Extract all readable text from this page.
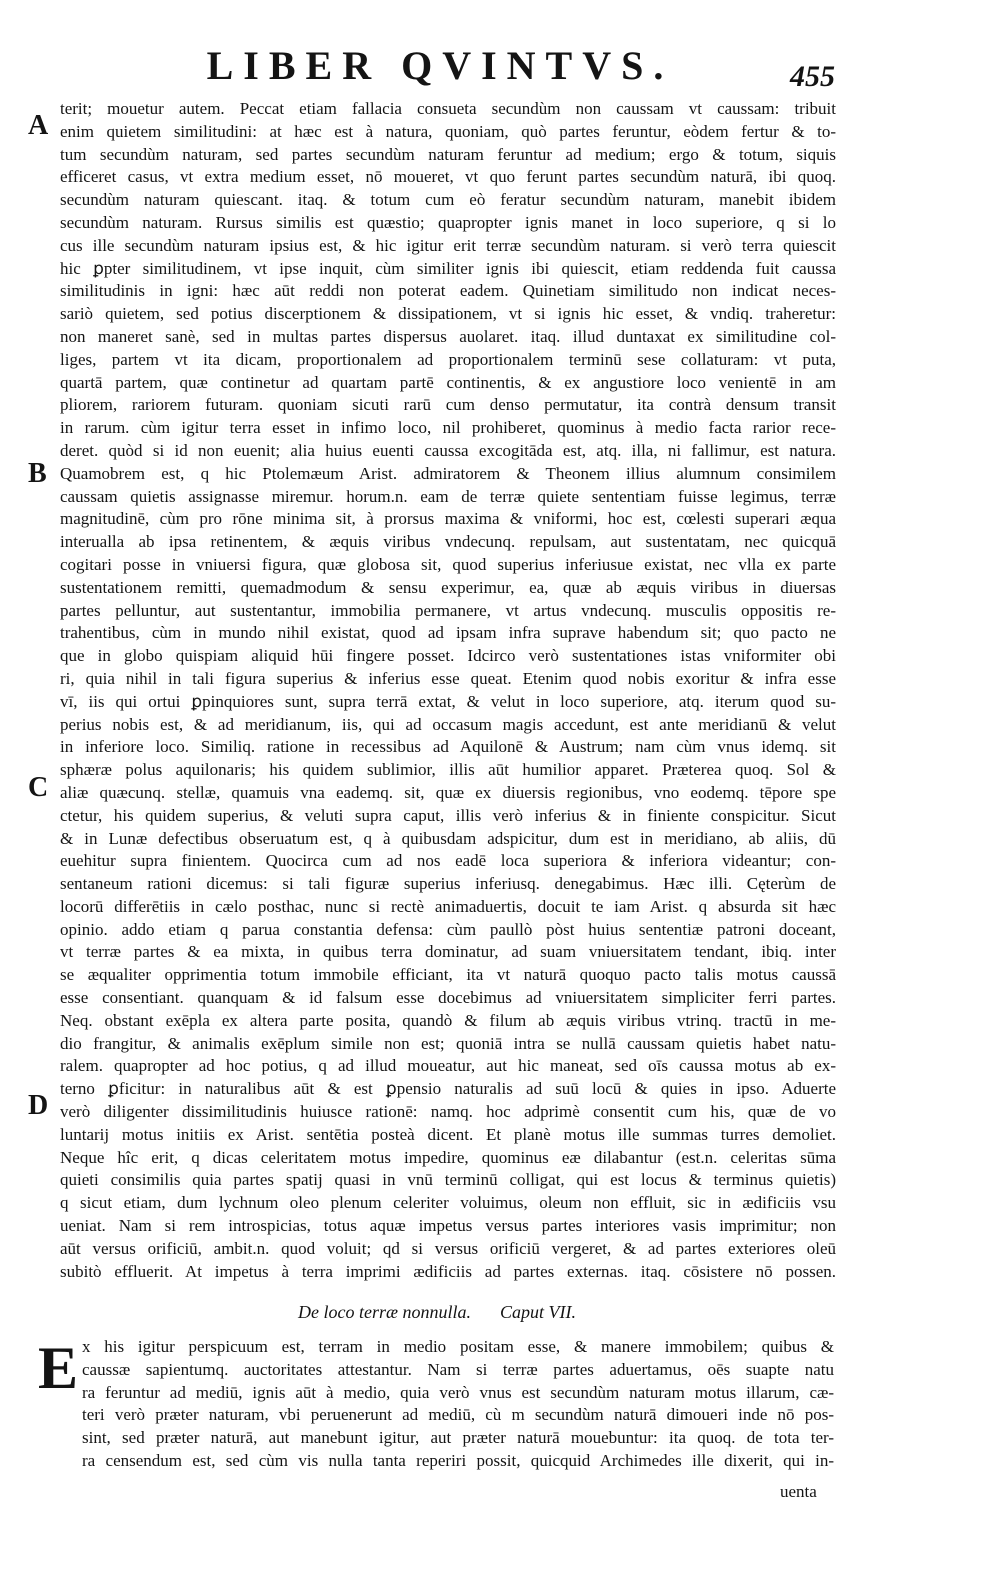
LIBER QVINTVS.	455
A
B
C
D
terit; mouetur autem. Peccat etiam fallacia consueta secundùm non caussam vt caussam: tribuit
enim quietem similitudini: at hæc est à natura, quoniam, quò partes feruntur, eòdem fertur & to-
tum secundùm naturam, sed partes secundùm naturam feruntur ad medium; ergo & totum, siquis
efficeret casus, vt extra medium esset, nō moueret, vt quo ferunt partes secundùm naturā, ibi quoq.
secundùm naturam quiescant. itaq. & totum cum eò feratur secundùm naturam, manebit ibidem
secundùm naturam. Rursus similis est quæstio; quapropter ignis manet in loco superiore, q si lo
cus ille secundùm naturam ipsius est, & hic igitur erit terræ secundùm naturam. si verò terra quiescit
hic ꝑpter similitudinem, vt ipse inquit, cùm similiter ignis ibi quiescit, etiam reddenda fuit caussa
similitudinis in igni: hæc aūt reddi non poterat eadem. Quinetiam similitudo non indicat neces-
sariò quietem, sed potius discerptionem & dissipationem, vt si ignis hic esset, & vndiq. traheretur:
non maneret sanè, sed in multas partes dispersus auolaret. itaq. illud duntaxat ex similitudine col-
liges, partem vt ita dicam, proportionalem ad proportionalem terminū sese collaturam: vt puta,
quartā partem, quæ continetur ad quartam partē continentis, & ex angustiore loco venientē in am
pliorem, rariorem futuram. quoniam sicuti rarū cum denso permutatur, ita contrà densum transit
in rarum. cùm igitur terra esset in infimo loco, nil prohiberet, quominus à medio facta rarior rece-
deret. quòd si id non euenit; alia huius euenti caussa excogitāda est, atq. illa, ni fallimur, est natura.
Quamobrem est, q hic Ptolemæum Arist. admiratorem & Theonem illius alumnum consimilem
caussam quietis assignasse miremur. horum.n. eam de terræ quiete sententiam fuisse legimus, terræ
magnitudinē, cùm pro rōne minima sit, à prorsus maxima & vniformi, hoc est, cœlesti superari æqua
interualla ab ipsa retinentem, & æquis viribus vndecunq. repulsam, aut sustentatam, nec quicquā
cogitari posse in vniuersi figura, quæ globosa sit, quod superius inferiusue existat, nec vlla ex parte
sustentationem remitti, quemadmodum & sensu experimur, ea, quæ ab æquis viribus in diuersas
partes pelluntur, aut sustentantur, immobilia permanere, vt artus vndecunq. musculis oppositis re-
trahentibus, cùm in mundo nihil existat, quod ad ipsam infra suprave habendum sit; quo pacto ne
que in globo quispiam aliquid hūi fingere posset. Idcirco verò sustentationes istas vniformiter obi
ri, quia nihil in tali figura superius & inferius esse queat. Etenim quod nobis exoritur & infra esse
vī, iis qui ortui ꝑpinquiores sunt, supra terrā extat, & velut in loco superiore, atq. iterum quod su-
perius nobis est, & ad meridianum, iis, qui ad occasum magis accedunt, est ante meridianū & velut
in inferiore loco. Similiq. ratione in recessibus ad Aquilonē & Austrum; nam cùm vnus idemq. sit
sphæræ polus aquilonaris; his quidem sublimior, illis aūt humilior apparet. Præterea quoq. Sol &
aliæ quæcunq. stellæ, quamuis vna eademq. sit, quæ ex diuersis regionibus, vno eodemq. tēpore spe
ctetur, his quidem superius, & veluti supra caput, illis verò inferius & in finiente conspicitur. Sicut
& in Lunæ defectibus obseruatum est, q à quibusdam adspicitur, dum est in meridiano, ab aliis, dū
euehitur supra finientem. Quocirca cum ad nos eadē loca superiora & inferiora videantur; con-
sentaneum rationi dicemus: si tali figuræ superius inferiusq. denegabimus. Hæc illi. Cęterùm de
locorū differētiis in cælo posthac, nunc si rectè animaduertis, docuit te iam Arist. q absurda sit hæc
opinio. addo etiam q parua constantia defensa: cùm paullò pòst huius sententiæ patroni doceant,
vt terræ partes & ea mixta, in quibus terra dominatur, ad suam vniuersitatem tendant, ibiq. inter
se æqualiter opprimentia totum immobile efficiant, ita vt naturā quoquo pacto talis motus caussā
esse consentiant. quanquam & id falsum esse docebimus ad vniuersitatem simpliciter ferri partes.
Neq. obstant exēpla ex altera parte posita, quandò & filum ab æquis viribus vtrinq. tractū in me-
dio frangitur, & animalis exēplum simile non est; quoniā intra se nullā caussam quietis habet natu-
ralem. quapropter ad hoc potius, q ad illud moueatur, aut hic maneat, sed oīs caussa motus ab ex-
terno ꝑficitur: in naturalibus aūt & est ꝑpensio naturalis ad suū locū & quies in ipso. Aduerte
verò diligenter dissimilitudinis huiusce rationē: namq. hoc adprimè consentit cum his, quæ de vo
luntarij motus initiis ex Arist. sentētia posteà dicent. Et planè motus ille summas turres demoliet.
Neque hîc erit, q dicas celeritatem motus impedire, quominus eæ dilabantur (est.n. celeritas sūma
quieti consimilis quia partes spatij quasi in vnū terminū colligat, qui est locus & terminus quietis)
q sicut etiam, dum lychnum oleo plenum celeriter voluimus, oleum non effluit, sic in ædificiis vsu
ueniat. Nam si rem introspicias, totus aquæ impetus versus partes interiores vasis imprimitur; non
aūt versus orificiū, ambit.n. quod voluit; qd si versus orificiū vergeret, & ad partes exteriores oleū
subitò effluerit. At impetus à terra imprimi ædificiis ad partes externas. itaq. cōsistere nō possen.
De loco terræ nonnulla. Caput VII.
E x his igitur perspicuum est, terram in medio positam esse, & manere immobilem; quibus &
caussæ sapientumq. auctoritates attestantur. Nam si terræ partes aduertamus, oēs suapte natu
ra feruntur ad mediū, ignis aūt à medio, quia verò vnus est secundùm naturam motus illarum, cæ-
teri verò præter naturam, vbi peruenerunt ad mediū, cù m secundùm naturā dimoueri inde nō pos-
sint, sed præter naturā, aut manebunt igitur, aut præter naturā mouebuntur: ita quoq. de tota ter-
ra censendum est, sed cùm vis nulla tanta reperiri possit, quicquid Archimedes ille dixerit, qui in-
uenta
